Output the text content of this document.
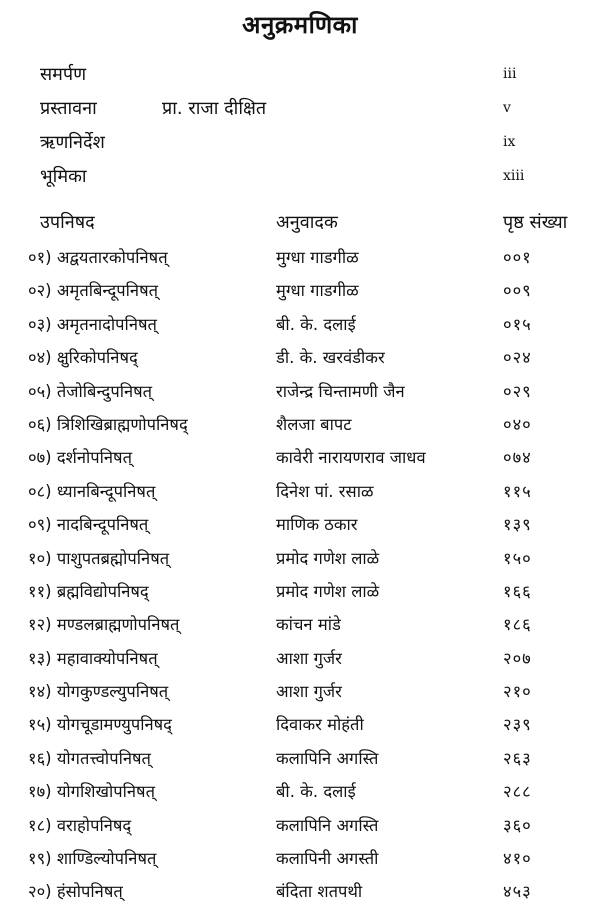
अनुक्रमणिका
समर्पण	iii
प्रस्तावना	प्रा. राजा दीक्षित	v
ऋणनिर्देश	ix
भूमिका	xiii
उपनिषद	अनुवादक	पृष्ठ संख्या
०१) अद्वयतारकोपनिषत्	मुग्धा गाडगीळ	००१
०२) अमृतबिन्दूपनिषत्	मुग्धा गाडगीळ	००९
०३) अमृतनादोपनिषत्	बी. के. दलाई	०१५
०४) क्षुरिकोपनिषद्	डी. के. खरवंडीकर	०२४
०५) तेजोबिन्दुपनिषत्	राजेन्द्र चिन्तामणी जैन	०२९
०६) त्रिशिखिब्राह्मणोपनिषद्	शैलजा बापट	०४०
०७) दर्शनोपनिषत्	कावेरी नारायणराव जाधव	०७४
०८) ध्यानबिन्दूपनिषत्	दिनेश पां. रसाळ	११५
०९) नादबिन्दूपनिषत्	माणिक ठकार	१३९
१०) पाशुपतब्रह्मोपनिषत्	प्रमोद गणेश लाळे	१५०
११) ब्रह्मविद्योपनिषद्	प्रमोद गणेश लाळे	१६६
१२) मण्डलब्राह्मणोपनिषत्	कांचन मांडे	१८६
१३) महावाक्योपनिषत्	आशा गुर्जर	२०७
१४) योगकुण्डल्युपनिषत्	आशा गुर्जर	२१०
१५) योगचूडामण्युपनिषद्	दिवाकर मोहंती	२३९
१६) योगतत्त्वोपनिषत्	कलापिनि अगस्ति	२६३
१७) योगशिखोपनिषत्	बी. के. दलाई	२८८
१८) वराहोपनिषद्	कलापिनि अगस्ति	३६०
१९) शाण्डिल्योपनिषत्	कलापिनी अगस्ती	४१०
२०) हंसोपनिषत्	बंदिता शतपथी	४५३
